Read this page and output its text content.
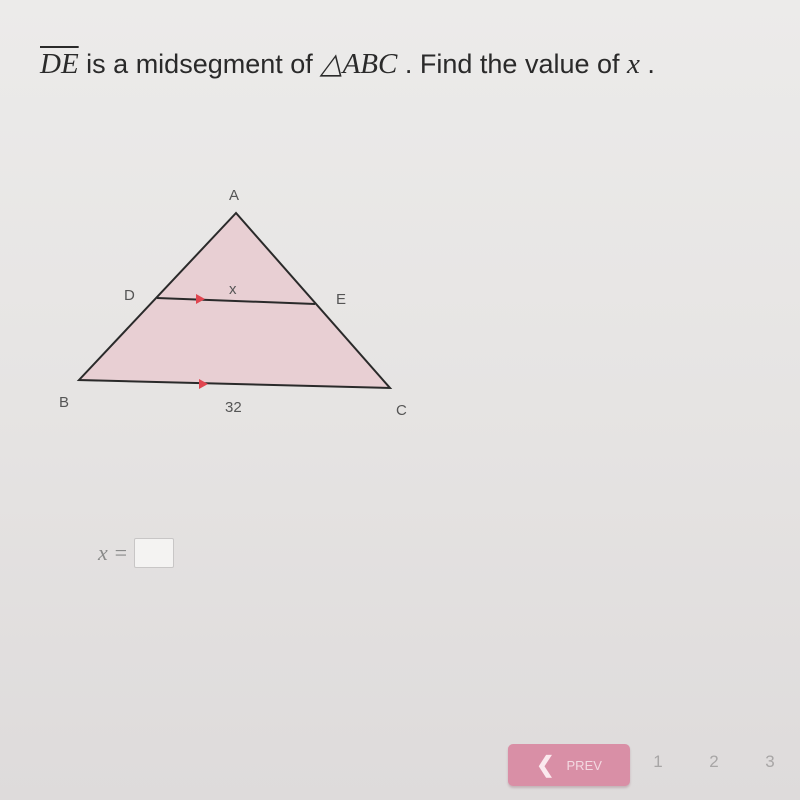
$\overline{DE}$ is a midsegment of △ABC . Find the value of x .
A
D	E
B	C
x
32
x =
❮ PREV	1	2	3
